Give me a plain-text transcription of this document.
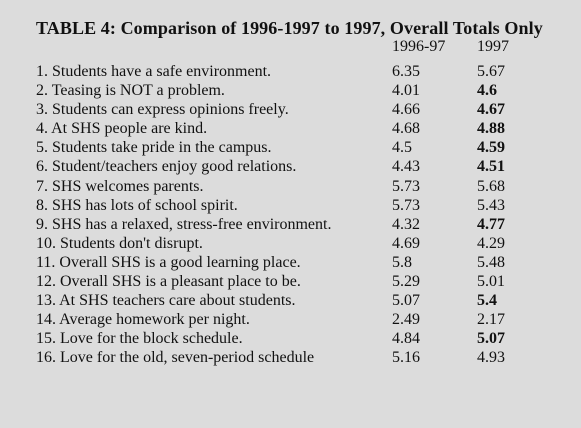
TABLE 4: Comparison of 1996-1997 to 1997, Overall Totals Only
1996-97 1997
1. Students have a safe environment.	6.35	5.67
2. Teasing is NOT a problem.	4.01	4.6
3. Students can express opinions freely.	4.66	4.67
4. At SHS people are kind.	4.68	4.88
5. Students take pride in the campus.	4.5	4.59
6. Student/teachers enjoy good relations.	4.43	4.51
7. SHS welcomes parents.	5.73	5.68
8. SHS has lots of school spirit.	5.73	5.43
9. SHS has a relaxed, stress-free environment.	4.32	4.77
10. Students don't disrupt.	4.69	4.29
11. Overall SHS is a good learning place.	5.8	5.48
12. Overall SHS is a pleasant place to be.	5.29	5.01
13. At SHS teachers care about students.	5.07	5.4
14. Average homework per night.	2.49	2.17
15. Love for the block schedule.	4.84	5.07
16. Love for the old, seven-period schedule	5.16	4.93
